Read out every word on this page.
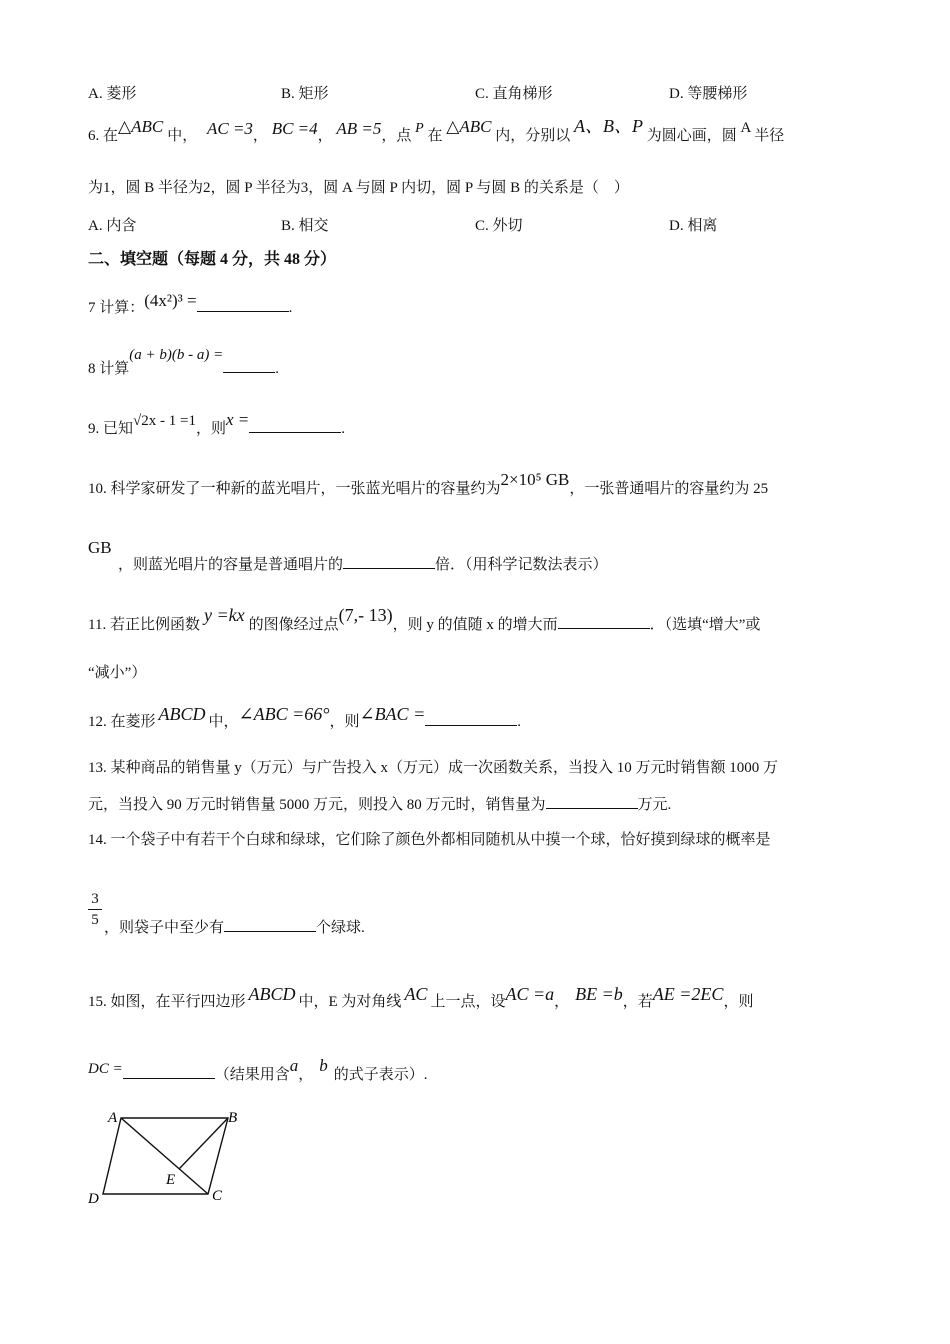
A. 菱形	B. 矩形	C. 直角梯形	D. 等腰梯形
6. 在△ABC 中， AC =3， BC =4， AB =5，点 P 在 △ABC 内，分别以 A、B、P 为圆心画，圆 A 半径
为1，圆 B 半径为2，圆 P 半径为3，圆 A 与圆 P 内切，圆 P 与圆 B 的关系是（　）
A. 内含	B. 相交	C. 外切	D. 相离
二、填空题（每题 4 分，共 48 分）
7 计算：(4x²)³ =	.
8 计算(a + b)(b - a) =.
9. 已知√2x - 1 =1，则x =	.
10. 科学家研发了一种新的蓝光唱片，一张蓝光唱片的容量约为2×10⁵ GB，一张普通唱片的容量约为 25
GB
，则蓝光唱片的容量是普通唱片的	倍．（用科学记数法表示）
11. 若正比例函数 y =kx 的图像经过点(7,- 13)，则 y 的值随 x 的增大而	．（选填“增大”或
“减小”）
12. 在菱形 ABCD 中，∠ABC =66°，则∠BAC =	.
13. 某种商品的销售量 y（万元）与广告投入 x（万元）成一次函数关系，当投入 10 万元时销售额 1000 万
元，当投入 90 万元时销售量 5000 万元，则投入 80 万元时，销售量为	万元.
14. 一个袋子中有若干个白球和绿球，它们除了颜色外都相同随机从中摸一个球，恰好摸到绿球的概率是
3
5 ，则袋子中至少有	个绿球.
15. 如图，在平行四边形 ABCD 中，E 为对角线 AC 上一点，设AC =a， BE =b，若AE =2EC，则
DC =	（结果用含a， b 的式子表示）.
A	B
C
D
E
